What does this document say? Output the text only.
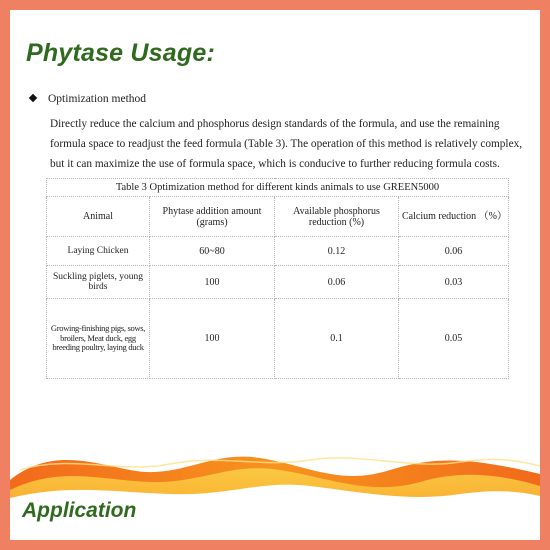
Phytase Usage:
Optimization method
Directly reduce the calcium and phosphorus design standards of the formula, and use the remaining formula space to readjust the feed formula (Table 3). The operation of this method is relatively complex, but it can maximize the use of formula space, which is conducive to further reducing formula costs.
Table 3 Optimization method for different kinds animals to use GREEN5000			
Animal	Phytase addition amount (grams)	Available phosphorus reduction (%)	Calcium reduction （%）
Laying Chicken	60~80	0.12	0.06
Suckling piglets, young birds	100	0.06	0.03
Growing-finishing pigs, sows, broilers, Meat duck, egg breeding poultry, laying duck	100	0.1	0.05
Application
